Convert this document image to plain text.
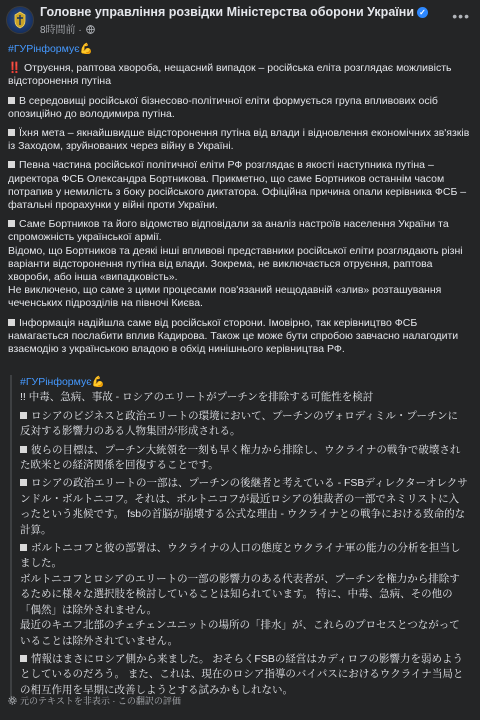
Головне управління розвідки Міністерства оборони України ✓
8時間前 ·
•••
#ГУРінформує💪
‼️ Отруєння, раптова хвороба, нещасний випадок – російська еліта розглядає можливість відсторонення путіна
В середовищі російської бізнесово-політичної еліти формується група впливових осіб опозиційно до володимира путіна.
Їхня мета – якнайшвидше відсторонення путіна від влади і відновлення економічних зв'язків із Заходом, зруйнованих через війну в Україні.
Певна частина російської політичної еліти РФ розглядає в якості наступника путіна – директора ФСБ Олександра Бортникова. Прикметно, що саме Бортников останнім часом потрапив у немилість з боку російського диктатора. Офіційна причина опали керівника ФСБ – фатальні прорахунки у війні проти України.
Саме Бортников та його відомство відповідали за аналіз настроїв населення України та спроможність української армії.
Відомо, що Бортников та деякі інші впливові представники російської еліти розглядають різні варіанти відсторонення путіна від влади. Зокрема, не виключається отруєння, раптова хвороби, або інша «випадковість».
Не виключено, що саме з цими процесами пов'язаний нещодавній «злив» розташування чеченських підрозділів на півночі Києва.
Інформація надійшла саме від російської сторони. Імовірно, так керівництво ФСБ намагається послабити вплив Кадирова. Також це може бути спробою завчасно налагодити взаємодію з українською владою в обхід нинішнього керівництва РФ.
#ГУРінформує💪
!! 中毒、急病、事故 - ロシアのエリートがプーチンを排除する可能性を検討
ロシアのビジネスと政治エリートの環境において、プーチンのヴォロディミル・プーチンに反対する影響力のある人物集団が形成される。
彼らの目標は、プーチン大統領を一刻も早く権力から排除し、ウクライナの戦争で破壊された欧米との経済関係を回復することです。
ロシアの政治エリートの一部は、プーチンの後継者と考えている - FSBディレクターオレクサンドル・ボルトニコフ。それは、ボルトニコフが最近ロシアの独裁者の一部でネミリストに入ったという兆候です。 fsbの首脳が崩壊する公式な理由 - ウクライナとの戦争における致命的な計算。
ボルトニコフと彼の部署は、ウクライナの人口の態度とウクライナ軍の能力の分析を担当しました。
ボルトニコフとロシアのエリートの一部の影響力のある代表者が、プーチンを権力から排除するために様々な選択肢を検討していることは知られています。 特に、中毒、急病、その他の「偶然」は除外されません。
最近のキエフ北部のチェチェンユニットの場所の「排水」が、これらのプロセスとつながっていることは除外されていません。
情報はまさにロシア側から来ました。 おそらくFSBの経営はカディロフの影響力を弱めようとしているのだろう。 また、これは、現在のロシア指導のバイパスにおけるウクライナ当局との相互作用を早期に改善しようとする試みかもしれない。
元のテキストを非表示 · この翻訳の評価
